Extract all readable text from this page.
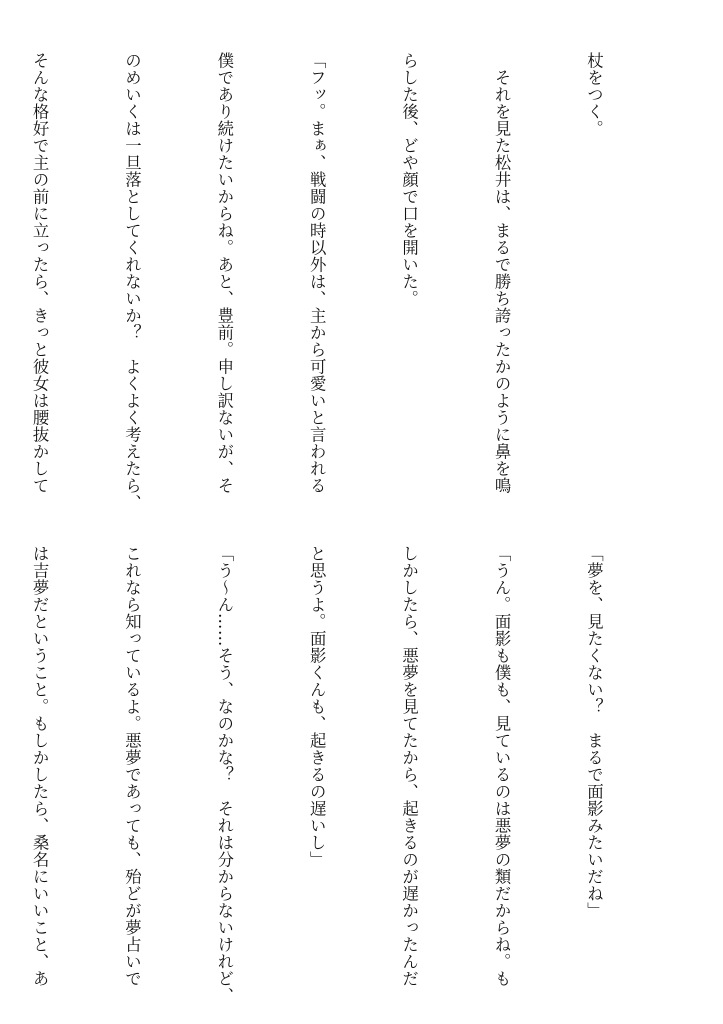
杖をつく。

　それを見た松井は、まるで勝ち誇ったかのように鼻を鳴

らした後、どや顔で口を開いた。

「フッ。まぁ、戦闘の時以外は、主から可愛いと言われる

僕であり続けたいからね。あと、豊前。申し訳ないが、そ

のめいくは一旦落としてくれないか？　よくよく考えたら、

そんな格好で主の前に立ったら、きっと彼女は腰抜かして

「夢を、見たくない？　まるで面影みたいだね」

「うん。面影も僕も、見ているのは悪夢の類だからね。も

しかしたら、悪夢を見てたから、起きるのが遅かったんだ

と思うよ。面影くんも、起きるの遅いし」

「う〜ん……そう、なのかな？　それは分からないけれど、

これなら知っているよ。悪夢であっても、殆どが夢占いで

は吉夢だということ。もしかしたら、桑名にいいこと、あ
